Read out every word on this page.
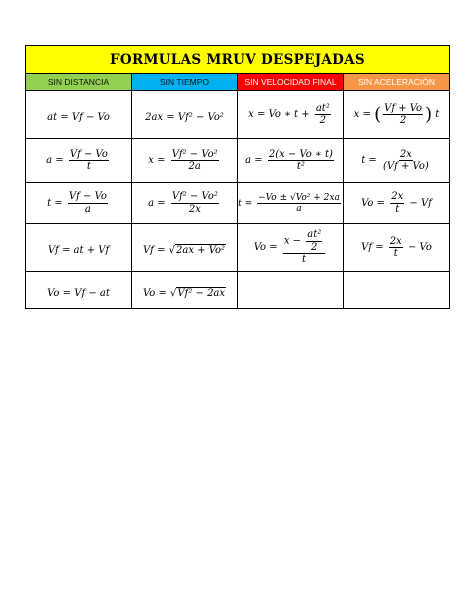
FORMULAS MRUV DESPEJADAS			
SIN DISTANCIA	SIN TIEMPO	SIN VELOCIDAD FINAL	SIN ACELERACIÓN
at = Vf − Vo	2ax = Vf² − Vo²	x = Vo ∗ $t + \frac{\text{at²}}{2}$	x = ( $\frac{Vf + Vo}{2}$ ) t
$a = \frac{Vf - Vo}{t}$	$x = \frac{\text{Vf² − Vo²}}{2a}$	$a = \frac{2(x - Vo ∗ t)}{\text{t²}}$	$t = \frac{2x}{(Vf + Vo)}$

$t = \frac{Vf - Vo}{a}$	$a = \frac{\text{Vf² − Vo²}}{2x}$	$t = \frac{\text{−Vo ± √Vo² + 2xa}}{a}$	$Vo = \frac{2x}{t} - Vf$
Vf = at + Vf	Vf = √2ax + Vo²	$Vo = \frac{x - \frac{\text{at²}}{2}}{t}$	$Vf = \frac{2x}{t} - Vo$
Vo = Vf − at	Vo = √Vf² − 2ax		
